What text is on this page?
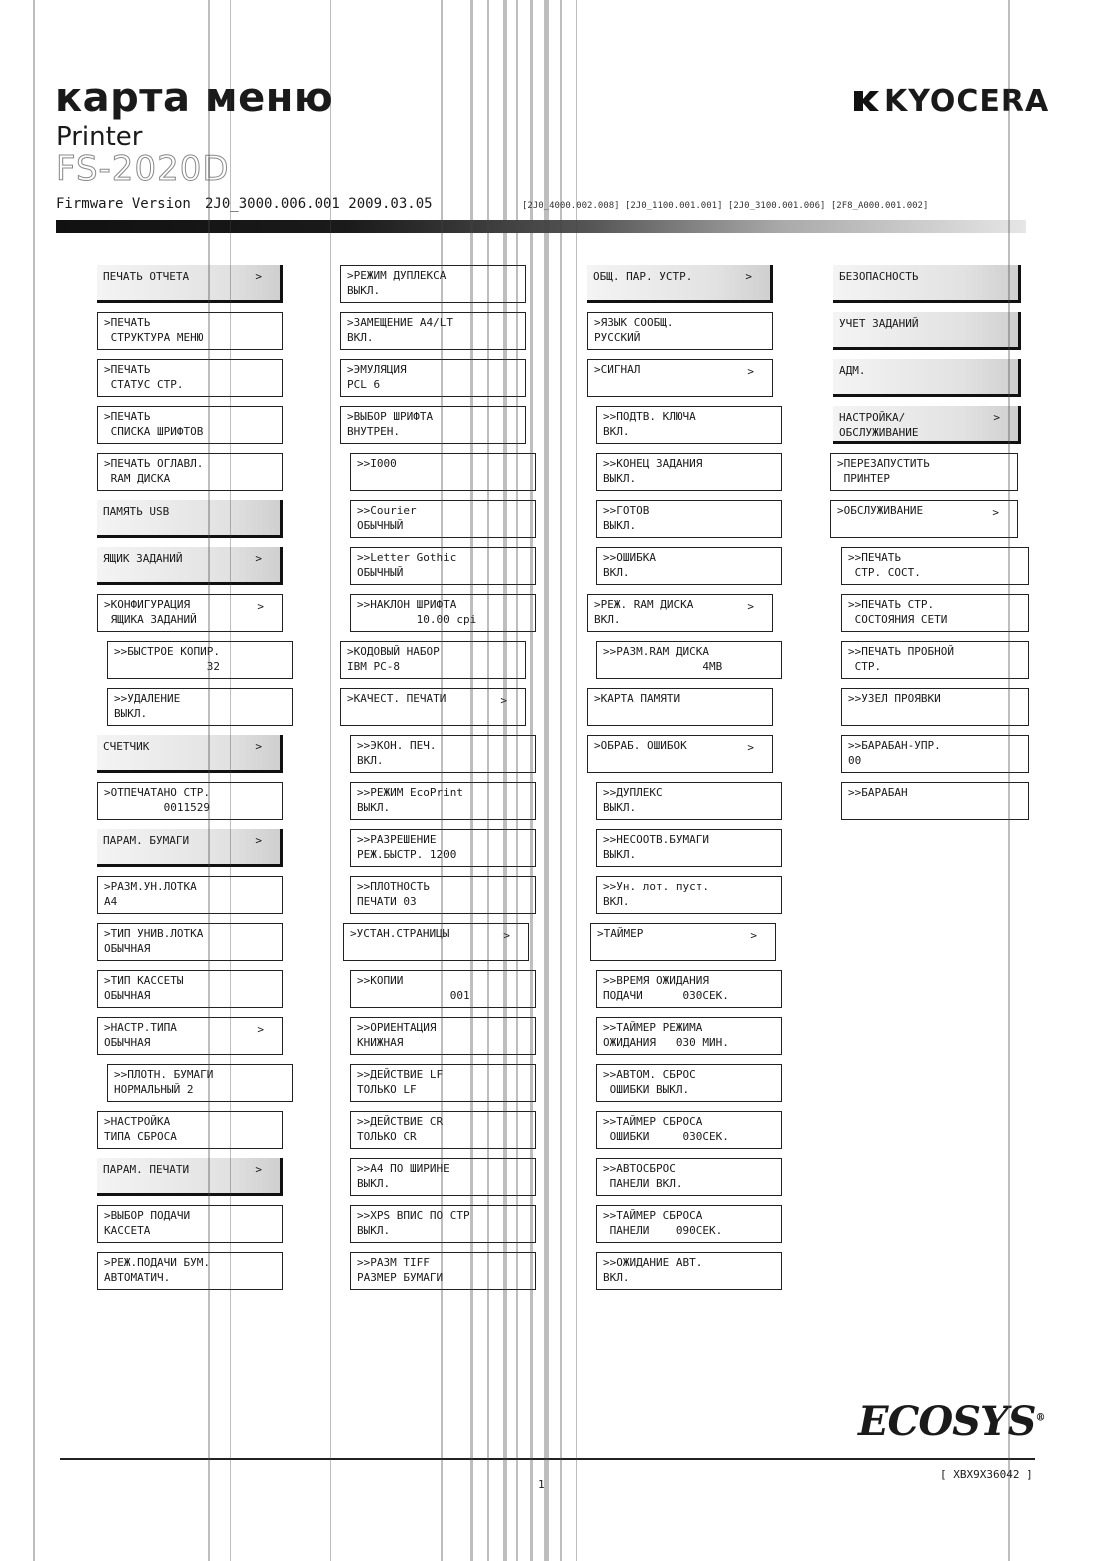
карта меню
Printer
FS-2020D
Firmware Version 2J0_3000.006.001 2009.03.05	[2J0_4000.002.008] [2J0_1100.001.001] [2J0_3100.001.006] [2F8_A000.001.002]
KYOCERA
ПЕЧАТЬ ОТЧЕТА	>
>ПЕЧАТЬ
СТРУКТУРА МЕНЮ
>ПЕЧАТЬ
СТАТУС СТР.
>ПЕЧАТЬ
СПИСКА ШРИФТОВ
>ПЕЧАТЬ ОГЛАВЛ.
RAM ДИСКА
ПАМЯТЬ USB
ЯЩИК ЗАДАНИЙ	>
>КОНФИГУРАЦИЯ
ЯЩИКА ЗАДАНИЙ
>
>>БЫСТРОЕ КОПИР.
32
>>УДАЛЕНИЕ
ВЫКЛ.
СЧЕТЧИК	>
>ОТПЕЧАТАНО СТР.
0011529
ПАРАМ. БУМАГИ	>
>РАЗМ.УН.ЛОТКА
A4
>ТИП УНИВ.ЛОТКА
ОБЫЧНАЯ
>ТИП КАССЕТЫ
ОБЫЧНАЯ
>НАСТР.ТИПА
ОБЫЧНАЯ
>
>>ПЛОТН. БУМАГИ
НОРМАЛЬНЫЙ 2
>НАСТРОЙКА
ТИПА СБРОСА
ПАРАМ. ПЕЧАТИ	>
>ВЫБОР ПОДАЧИ
КАССЕТА
>РЕЖ.ПОДАЧИ БУМ.
АВТОМАТИЧ.
>РЕЖИМ ДУПЛЕКСА
ВЫКЛ.
>ЗАМЕЩЕНИЕ A4/LT
ВКЛ.
>ЭМУЛЯЦИЯ
PCL 6
>ВЫБОР ШРИФТА
ВНУТРЕН.
>>I000
>>Courier
ОБЫЧНЫЙ
>>Letter Gothic
ОБЫЧНЫЙ
>>НАКЛОН ШРИФТА
10.00 cpi
>КОДОВЫЙ НАБОР
IBM PC-8
>КАЧЕСТ. ПЕЧАТИ	>
>>ЭКОН. ПЕЧ.
ВКЛ.
>>РЕЖИМ EcoPrint
ВЫКЛ.
>>РАЗРЕШЕНИЕ
РЕЖ.БЫСТР. 1200
>>ПЛОТНОСТЬ
ПЕЧАТИ 03
>УСТАН.СТРАНИЦЫ	>
>>КОПИИ
001
>>ОРИЕНТАЦИЯ
КНИЖНАЯ
>>ДЕЙСТВИЕ LF
ТОЛЬКО LF
>>ДЕЙСТВИЕ CR
ТОЛЬКО CR
>>A4 ПО ШИРИНЕ
ВЫКЛ.
>>XPS ВПИС ПО СТР
ВЫКЛ.
>>РАЗМ TIFF
РАЗМЕР БУМАГИ
ОБЩ. ПАР. УСТР.	>
>ЯЗЫК СООБЩ.
РУССКИЙ
>СИГНАЛ	>
>>ПОДТВ. КЛЮЧА
ВКЛ.
>>КОНЕЦ ЗАДАНИЯ
ВЫКЛ.
>>ГОТОВ
ВЫКЛ.
>>ОШИБКА
ВКЛ.
>РЕЖ. RAM ДИСКА
ВКЛ.
>
>>РАЗМ.RAM ДИСКА
4MB
>КАРТА ПАМЯТИ
>ОБРАБ. ОШИБОК	>
>>ДУПЛЕКС
ВЫКЛ.
>>НЕСООТВ.БУМАГИ
ВЫКЛ.
>>Ун. лот. пуст.
ВКЛ.
>ТАЙМЕР	>
>>ВРЕМЯ ОЖИДАНИЯ
ПОДАЧИ      030СЕК.
>>ТАЙМЕР РЕЖИМА
ОЖИДАНИЯ   030 МИН.
>>АВТОМ. СБРОС
ОШИБКИ ВЫКЛ.
>>ТАЙМЕР СБРОСА
ОШИБКИ     030СЕК.
>>АВТОСБРОС
ПАНЕЛИ ВКЛ.
>>ТАЙМЕР СБРОСА
ПАНЕЛИ    090СЕК.
>>ОЖИДАНИЕ АВТ.
ВКЛ.
БЕЗОПАСНОСТЬ
УЧЕТ ЗАДАНИЙ
АДМ.
НАСТРОЙКА/
ОБСЛУЖИВАНИЕ
>
>ПЕРЕЗАПУСТИТЬ
ПРИНТЕР
>ОБСЛУЖИВАНИЕ	>
>>ПЕЧАТЬ
СТР. СОСТ.
>>ПЕЧАТЬ СТР.
СОСТОЯНИЯ СЕТИ
>>ПЕЧАТЬ ПРОБНОЙ
СТР.
>>УЗЕЛ ПРОЯВКИ
>>БАРАБАН-УПР.
00
>>БАРАБАН
ECOSYS®
[ XBX9X36042 ]
1
